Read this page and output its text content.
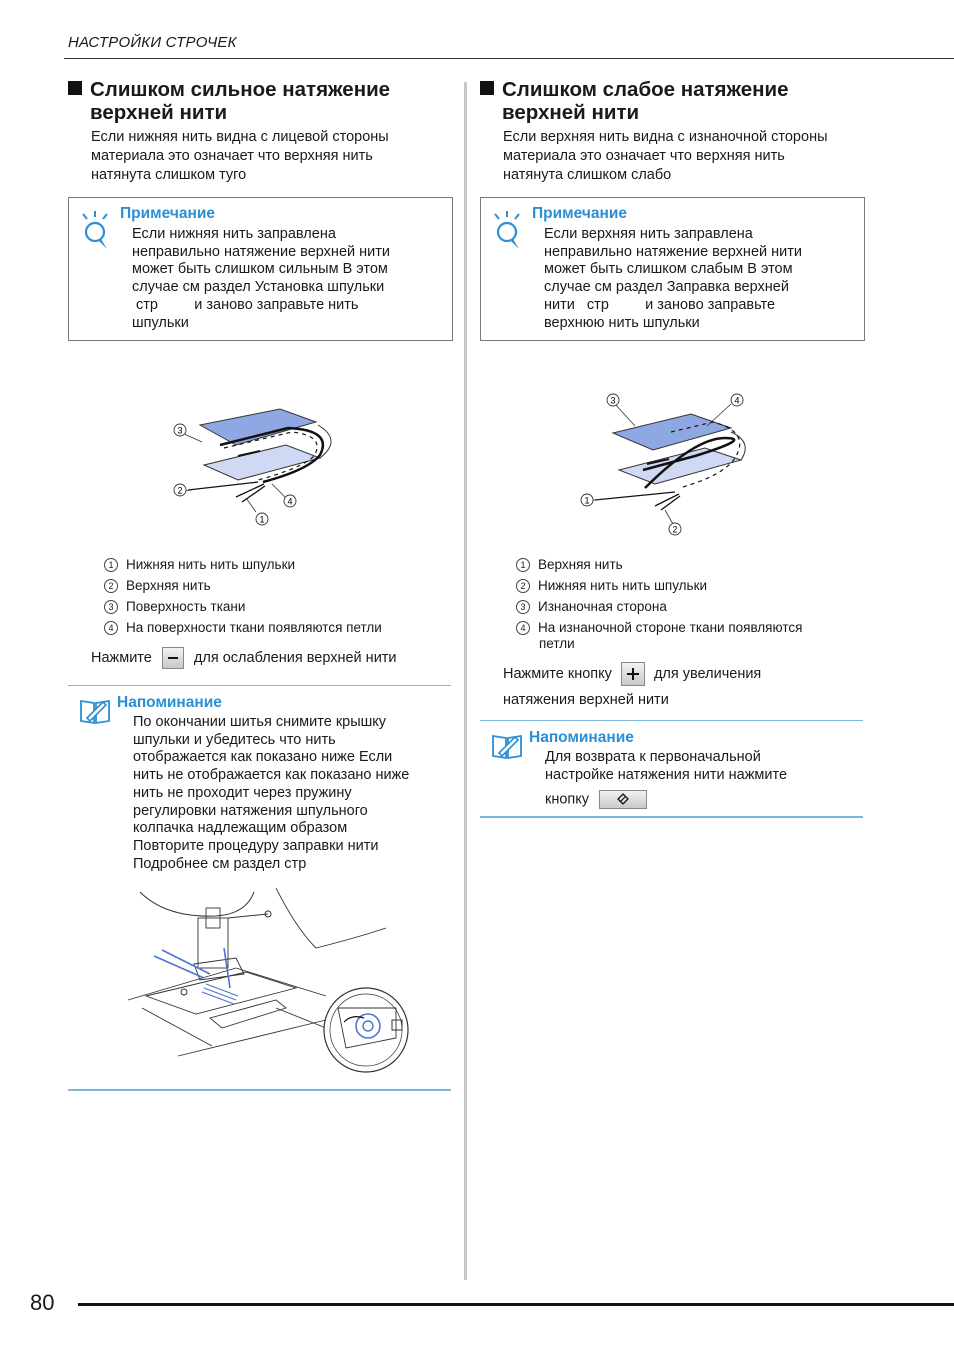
НАСТРОЙКИ СТРОЧЕК
Слишком сильное натяжение
верхней нити
Если нижняя нить видна с лицевой стороны
материала это означает что верхняя нить
натянута слишком туго
Примечание
Если нижняя нить заправлена
неправильно натяжение верхней нити
может быть слишком сильным В этом
случае см раздел Установка шпульки
стр         и заново заправьте нить
шпульки
3
2
1
4
1 Нижняя нить нить шпульки
2 Верхняя нить
3 Поверхность ткани
4 На поверхности ткани появляются петли
Нажмите	для ослабления верхней нити
Напоминание
По окончании шитья снимите крышку
шпульки и убедитесь что нить
отображается как показано ниже Если
нить не отображается как показано ниже
нить не проходит через пружину
регулировки натяжения шпульного
колпачка надлежащим образом
Повторите процедуру заправки нити
Подробнее см раздел стр
Слишком слабое натяжение
верхней нити
Если верхняя нить видна с изнаночной стороны
материала это означает что верхняя нить
натянута слишком слабо
Примечание
Если верхняя нить заправлена
неправильно натяжение верхней нити
может быть слишком слабым В этом
случае см раздел Заправка верхней
нити   стр         и заново заправьте
верхнюю нить шпульки
3	4
1
2
1 Верхняя нить
2 Нижняя нить нить шпульки
3 Изнаночная сторона
4 На изнаночной стороне ткани появляются
петли
Нажмите кнопку	для увеличения
натяжения верхней нити
Напоминание
Для возврата к первоначальной
настройке натяжения нити нажмите
кнопку
80
